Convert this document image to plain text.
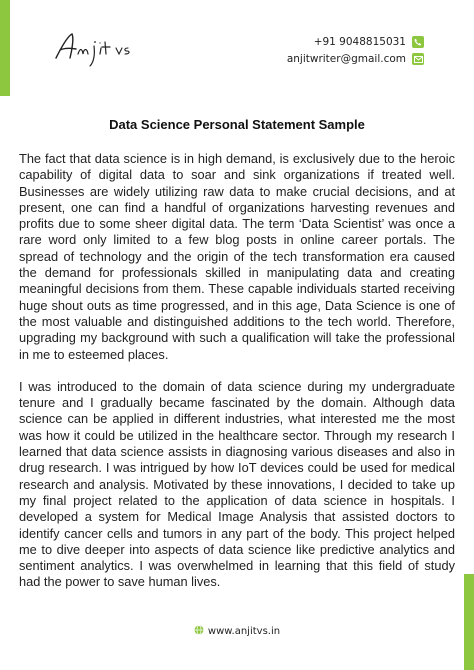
+91 9048815031
anjitwriter@gmail.com
Data Science Personal Statement Sample

The fact that data science is in high demand, is exclusively due to the heroic capability of digital data to soar and sink organizations if treated well. Businesses are widely utilizing raw data to make crucial decisions, and at present, one can find a handful of organizations harvesting revenues and profits due to some sheer digital data. The term ‘Data Scientist’ was once a rare word only limited to a few blog posts in online career portals. The spread of technology and the origin of the tech transformation era caused the demand for professionals skilled in manipulating data and creating meaningful decisions from them. These capable individuals started receiving huge shout outs as time progressed, and in this age, Data Science is one of the most valuable and distinguished additions to the tech world. Therefore, upgrading my background with such a qualification will take the professional in me to esteemed places.

I was introduced to the domain of data science during my undergraduate tenure and I gradually became fascinated by the domain. Although data science can be applied in different industries, what interested me the most was how it could be utilized in the healthcare sector. Through my research I learned that data science assists in diagnosing various diseases and also in drug research. I was intrigued by how IoT devices could be used for medical research and analysis. Motivated by these innovations, I decided to take up my final project related to the application of data science in hospitals. I developed a system for Medical Image Analysis that assisted doctors to identify cancer cells and tumors in any part of the body. This project helped me to dive deeper into aspects of data science like predictive analytics and sentiment analytics. I was overwhelmed in learning that this field of study had the power to save human lives.

www.anjitvs.in
